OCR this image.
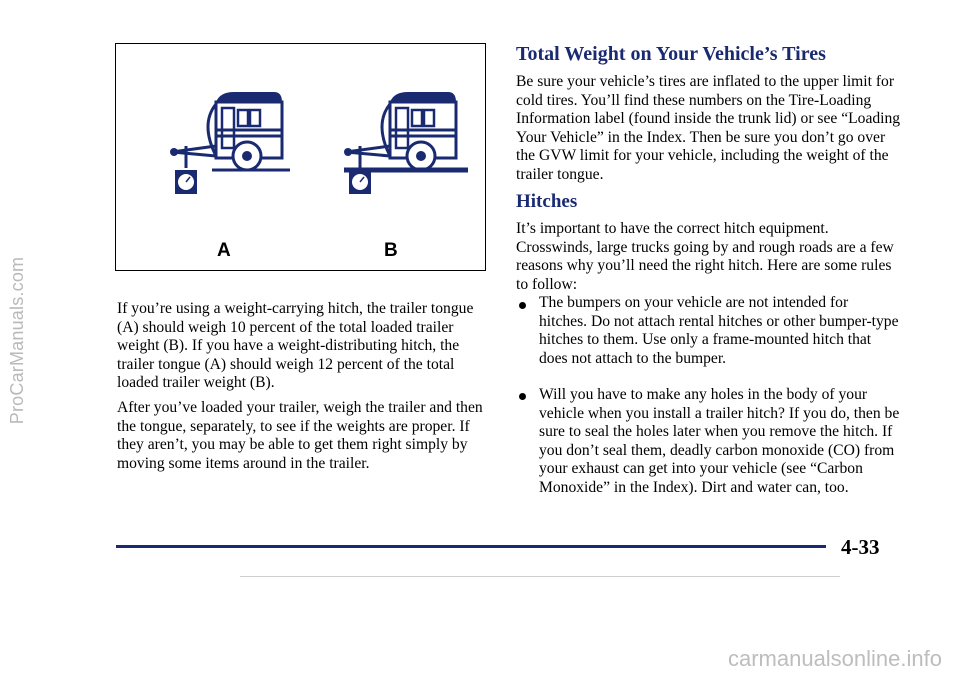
ProCarManuals.com
A	B

If you’re using a weight-carrying hitch, the trailer tongue (A) should weigh 10 percent of the total loaded trailer weight (B). If you have a weight-distributing hitch, the trailer tongue (A) should weigh 12 percent of the total loaded trailer weight (B).

After you’ve loaded your trailer, weigh the trailer and then the tongue, separately, to see if the weights are proper. If they aren’t, you may be able to get them right simply by moving some items around in the trailer.

Total Weight on Your Vehicle’s Tires

Be sure your vehicle’s tires are inflated to the upper limit for cold tires. You’ll find these numbers on the Tire-Loading Information label (found inside the trunk lid) or see “Loading Your Vehicle” in the Index. Then be sure you don’t go over the GVW limit for your vehicle, including the weight of the trailer tongue.

Hitches

It’s important to have the correct hitch equipment. Crosswinds, large trucks going by and rough roads are a few reasons why you’ll need the right hitch. Here are some rules to follow:

The bumpers on your vehicle are not intended for hitches. Do not attach rental hitches or other bumper-type hitches to them. Use only a frame-mounted hitch that does not attach to the bumper.

Will you have to make any holes in the body of your vehicle when you install a trailer hitch? If you do, then be sure to seal the holes later when you remove the hitch. If you don’t seal them, deadly carbon monoxide (CO) from your exhaust can get into your vehicle (see “Carbon Monoxide” in the Index). Dirt and water can, too.

4-33
carmanualsonline.info
